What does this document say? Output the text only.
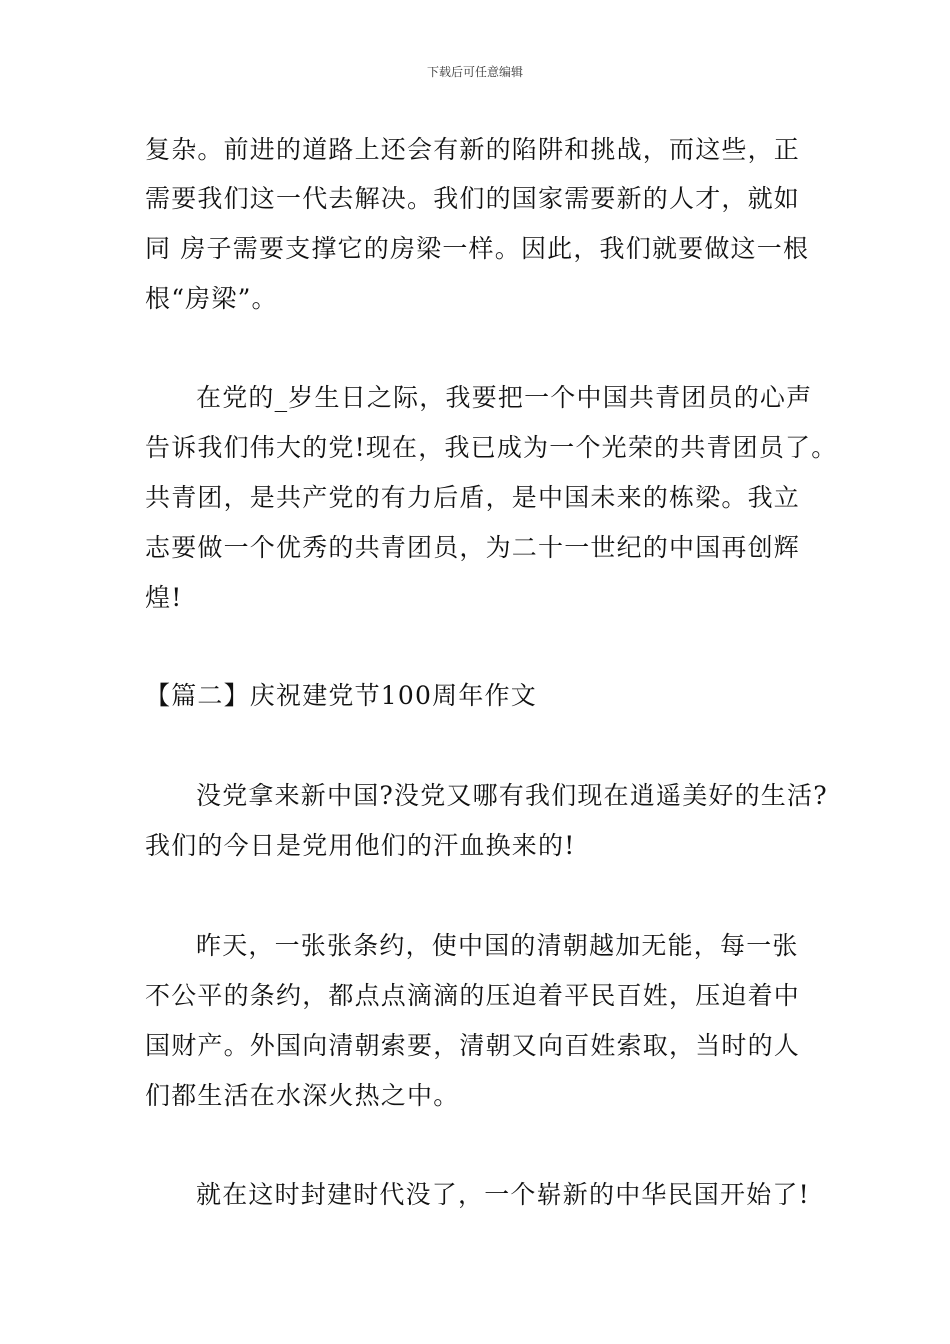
下载后可任意编辑
复杂。前进的道路上还会有新的陷阱和挑战，而这些，正
需要我们这一代去解决。我们的国家需要新的人才，就如
同 房子需要支撑它的房梁一样。因此，我们就要做这一根
根“房梁”。
在党的_岁生日之际，我要把一个中国共青团员的心声
告诉我们伟大的党!现在，我已成为一个光荣的共青团员了。
共青团，是共产党的有力后盾，是中国未来的栋梁。我立
志要做一个优秀的共青团员，为二十一世纪的中国再创辉
煌!
【篇二】庆祝建党节100周年作文
没党拿来新中国?没党又哪有我们现在逍遥美好的生活?
我们的今日是党用他们的汗血换来的!
昨天，一张张条约，使中国的清朝越加无能，每一张
不公平的条约，都点点滴滴的压迫着平民百姓，压迫着中
国财产。外国向清朝索要，清朝又向百姓索取，当时的人
们都生活在水深火热之中。
就在这时封建时代没了，一个崭新的中华民国开始了!
